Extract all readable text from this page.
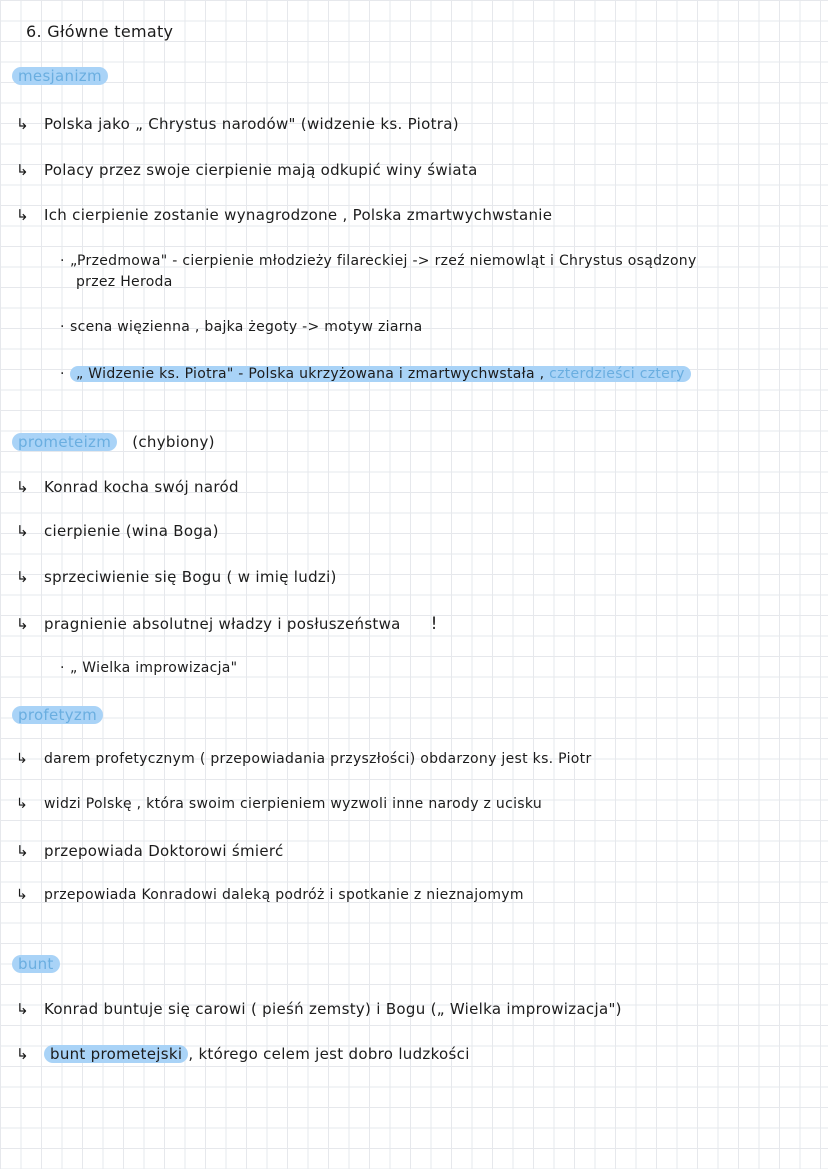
6. Główne tematy
mesjanizm
↳ Polska jako „ Chrystus narodów" (widzenie ks. Piotra)
↳ Polacy przez swoje cierpienie mają odkupić winy świata
↳ Ich cierpienie zostanie wynagrodzone , Polska zmartwychwstanie
· „Przedmowa" - cierpienie młodzieży filareckiej -> rzeź niemowląt i Chrystus osądzony
przez Heroda
· scena więzienna , bajka żegoty -> motyw ziarna
· „ Widzenie ks. Piotra" - Polska ukrzyżowana i zmartwychwstała , czterdzieści cztery
prometeizm (chybiony)
↳ Konrad kocha swój naród
↳ cierpienie (wina Boga)
↳ sprzeciwienie się Bogu ( w imię ludzi)
↳ pragnienie absolutnej władzy i posłuszeństwa !
· „ Wielka improwizacja"
profetyzm
↳ darem profetycznym ( przepowiadania przyszłości) obdarzony jest ks. Piotr
↳ widzi Polskę , która swoim cierpieniem wyzwoli inne narody z ucisku
↳ przepowiada Doktorowi śmierć
↳ przepowiada Konradowi daleką podróż i spotkanie z nieznajomym
bunt
↳ Konrad buntuje się carowi ( pieśń zemsty) i Bogu („ Wielka improwizacja")
↳ bunt prometejski , którego celem jest dobro ludzkości
